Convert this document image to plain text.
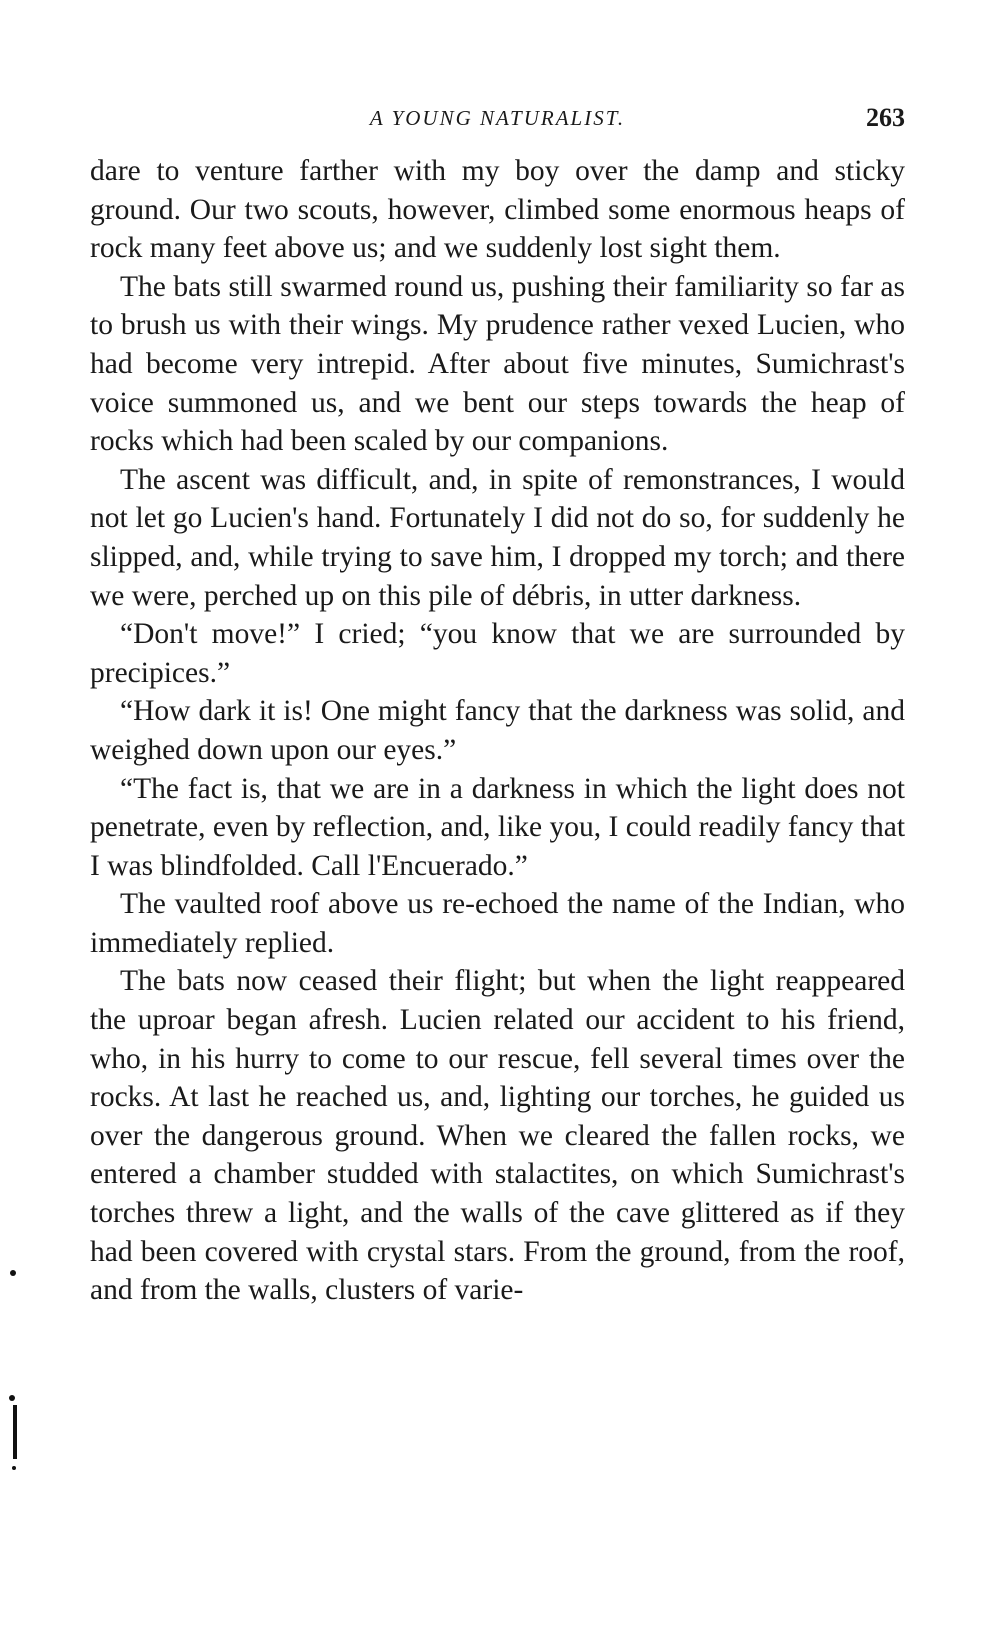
A YOUNG NATURALIST.	263

dare to venture farther with my boy over the damp and sticky ground. Our two scouts, however, climbed some enormous heaps of rock many feet above us; and we suddenly lost sight them.

The bats still swarmed round us, pushing their familiarity so far as to brush us with their wings. My prudence rather vexed Lucien, who had become very intrepid. After about five minutes, Sumichrast's voice summoned us, and we bent our steps towards the heap of rocks which had been scaled by our companions.

The ascent was difficult, and, in spite of remonstrances, I would not let go Lucien's hand. Fortunately I did not do so, for suddenly he slipped, and, while trying to save him, I dropped my torch; and there we were, perched up on this pile of débris, in utter darkness.

“Don't move!” I cried; “you know that we are surrounded by precipices.”

“How dark it is! One might fancy that the darkness was solid, and weighed down upon our eyes.”

“The fact is, that we are in a darkness in which the light does not penetrate, even by reflection, and, like you, I could readily fancy that I was blindfolded. Call l'Encuerado.”

The vaulted roof above us re-echoed the name of the Indian, who immediately replied.

The bats now ceased their flight; but when the light reappeared the uproar began afresh. Lucien related our accident to his friend, who, in his hurry to come to our rescue, fell several times over the rocks. At last he reached us, and, lighting our torches, he guided us over the dangerous ground. When we cleared the fallen rocks, we entered a chamber studded with stalactites, on which Sumichrast's torches threw a light, and the walls of the cave glittered as if they had been covered with crystal stars. From the ground, from the roof, and from the walls, clusters of varie-
